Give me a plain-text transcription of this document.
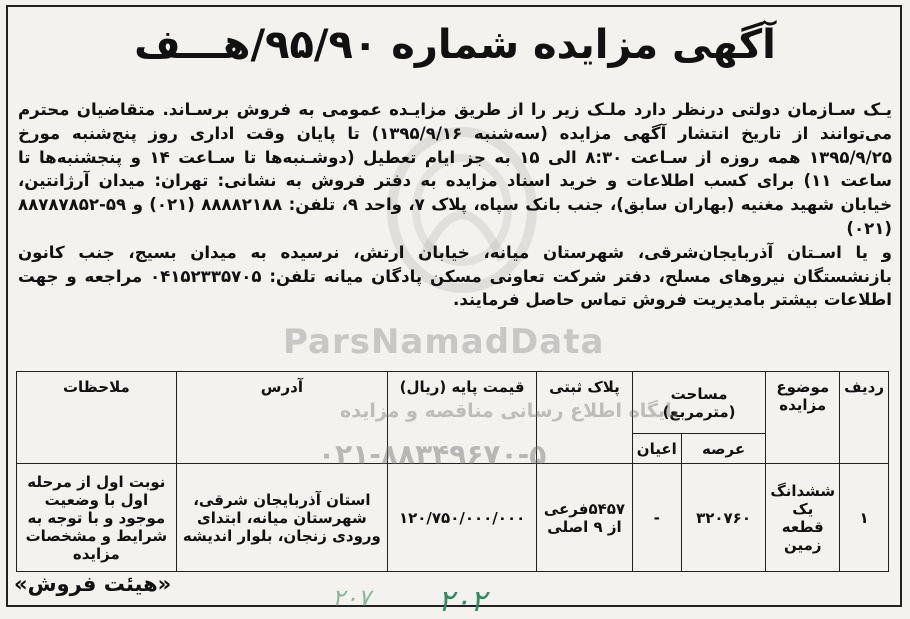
آگهی مزایده شماره ۹۵/۹۰/هـــف

یـک سـازمان دولتی درنظر دارد ملـک زیر را از طریق مزایـده عمومی به فروش برسـاند. متقاضیان محترم می‌توانند از تاریخ انتشار آگهی مزایده (سه‌شنبه ۱۳۹۵/۹/۱۶) تا پایان وقت اداری روز پنج‌شنبه مورخ ۱۳۹۵/۹/۲۵ همه روزه از سـاعت ۸:۳۰ الی ۱۵ به جز ایام تعطیل (دوشـنبه‌ها تا سـاعت ۱۴ و پنجشنبه‌ها تا ساعت ۱۱) برای کسب اطلاعات و خرید اسناد مزایده به دفتر فروش به نشانی: تهران: میدان آرژانتین، خیابان شهید مغنیه (بهاران سابق)، جنب بانک سپاه، پلاک ۷، واحد ۹، تلفن: ۸۸۸۸۲۱۸۸ (۰۲۱) و ۵۹-۸۸۷۸۷۸۵۲ (۰۲۱)

و یا اسـتان آذربایجان‌شرقی، شهرستان میانه، خیابان ارتش، نرسیده به میدان بسیج، جنب کانون بازنشستگان نیروهای مسلح، دفتر شرکت تعاونی مسکن پادگان میانه تلفن: ۰۴۱۵۲۳۳۵۷۰۵ مراجعه و جهت اطلاعات بیشتر بامدیریت فروش تماس حاصل فرمایند.

ردیف	موضوع مزایده	مساحت (مترمربع)		پلاک ثبتی	قیمت پایه (ریال)	آدرس	ملاحظات
		عرصه	اعیان				
۱	ششدانگ یک قطعه زمین	۳۲۰۷۶۰	-	۵۴۵۷فرعی از ۹ اصلی	۱۲۰/۷۵۰/۰۰۰/۰۰۰	استان آذربایجان شرقی، شهرستان میانه، ابتدای ورودی زنجان، بلوار اندیشه	نوبت اول از مرحله اول با وضعیت موجود و با توجه به شرایط و مشخصات مزایده
ParsNamadData
پایگاه اطلاع رسانی مناقصه و مزایده
۰۲۱-۸۸۳۴۹۶۷۰-۵
«هیئت فروش»	۲۰۷ ۲۰۲
